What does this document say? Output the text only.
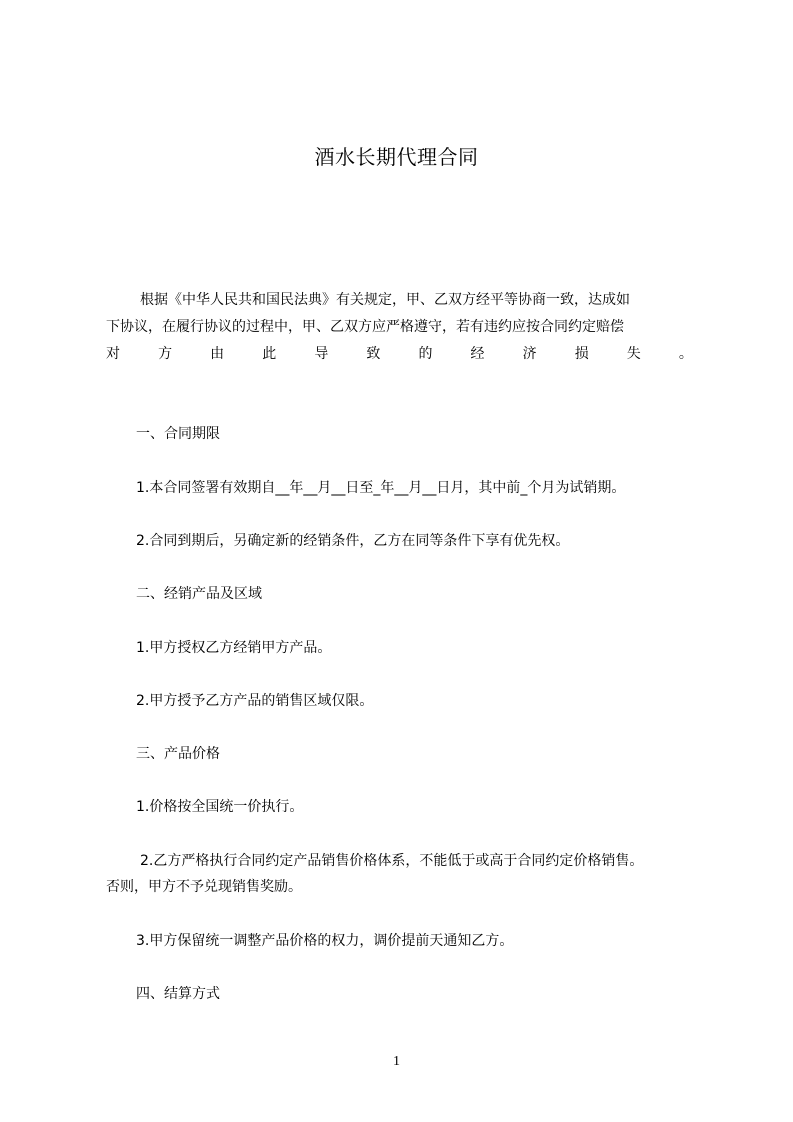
酒水长期代理合同
根据《中华人民共和国民法典》有关规定，甲、乙双方经平等协商一致，达成如
下协议，在履行协议的过程中，甲、乙双方应严格遵守，若有违约应按合同约定赔偿
对	方	由	此	导	致	的	经	济	损	失	。
一、合同期限
1.本合同签署有效期自__年__月__日至_年__月__日月，其中前_个月为试销期。
2.合同到期后，另确定新的经销条件，乙方在同等条件下享有优先权。
二、经销产品及区域
1.甲方授权乙方经销甲方产品。
2.甲方授予乙方产品的销售区域仅限。
三、产品价格
1.价格按全国统一价执行。
2.乙方严格执行合同约定产品销售价格体系，不能低于或高于合同约定价格销售。
否则，甲方不予兑现销售奖励。
3.甲方保留统一调整产品价格的权力，调价提前天通知乙方。
四、结算方式
1
